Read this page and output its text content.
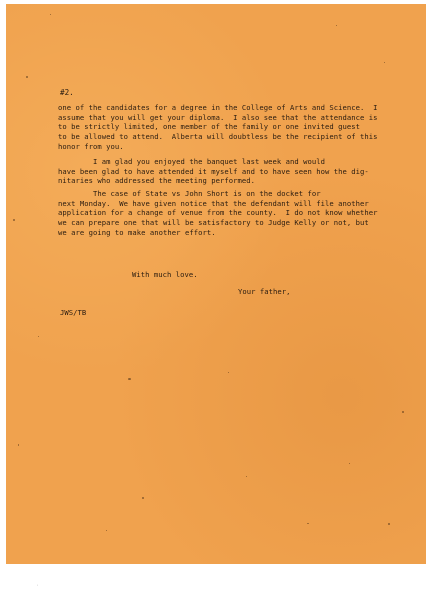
#2.
one of the candidates for a degree in the College of Arts and Science.  I
assume that you will get your diploma.  I also see that the attendance is
to be strictly limited, one member of the family or one invited guest
to be allowed to attend.  Alberta will doubtless be the recipient of this
honor from you.
I am glad you enjoyed the banquet last week and would
have been glad to have attended it myself and to have seen how the dig-
nitaries who addressed the meeting performed.
The case of State vs John Short is on the docket for
next Monday.  We have given notice that the defendant will file another
application for a change of venue from the county.  I do not know whether
we can prepare one that will be satisfactory to Judge Kelly or not, but
we are going to make another effort.
With much love.
Your father,
JWS/TB
·
